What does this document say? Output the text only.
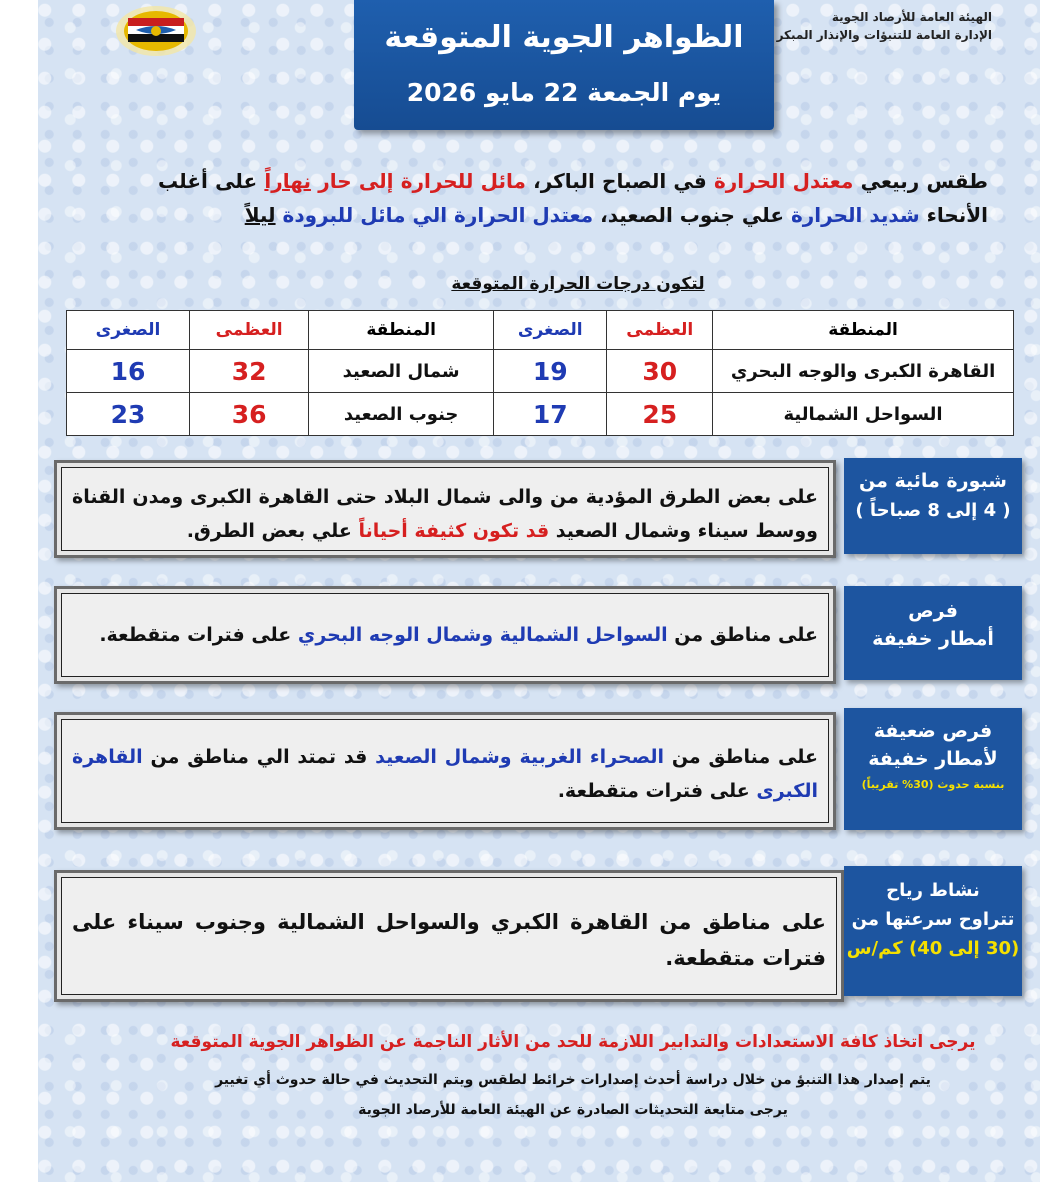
الهيئة العامة للأرصاد الجوية
الإدارة العامة للتنبؤات والإنذار المبكر
الظواهر الجوية المتوقعة
يوم الجمعة 22 مايو 2026
طقس ربيعي معتدل الحرارة في الصباح الباكر، مائل للحرارة إلى حار نهاراً على أغلب الأنحاء شديد الحرارة علي جنوب الصعيد، معتدل الحرارة الي مائل للبرودة ليلاً
لتكون درجات الحرارة المتوقعة
المنطقة	العظمى	الصغرى	المنطقة	العظمى	الصغرى
القاهرة الكبرى والوجه البحري	30	19	شمال الصعيد	32	16
السواحل الشمالية	25	17	جنوب الصعيد	36	23
على بعض الطرق المؤدية من والى شمال البلاد حتى القاهرة الكبرى ومدن القناة ووسط سيناء وشمال الصعيد قد تكون كثيفة أحياناً علي بعض الطرق.
شبورة مائية من
( 4 إلى 8 صباحاً )
على مناطق من السواحل الشمالية وشمال الوجه البحري على فترات متقطعة.
فرص
أمطار خفيفة
على مناطق من الصحراء الغربية وشمال الصعيد قد تمتد الي مناطق من القاهرة الكبرى على فترات متقطعة.
فرص ضعيفة
لأمطار خفيفة
بنسبة حدوث (30% تقريباً)
على مناطق من القاهرة الكبري والسواحل الشمالية وجنوب سيناء على فترات متقطعة.
نشاط رياح
تتراوح سرعتها من
(30 إلى 40) كم/س
يرجى اتخاذ كافة الاستعدادات والتدابير اللازمة للحد من الأثار الناجمة عن الظواهر الجوية المتوقعة
يتم إصدار هذا التنبؤ من خلال دراسة أحدث إصدارات خرائط لطقس ويتم التحديث في حالة حدوث أي تغيير
يرجى متابعة التحديثات الصادرة عن الهيئة العامة للأرصاد الجوية
